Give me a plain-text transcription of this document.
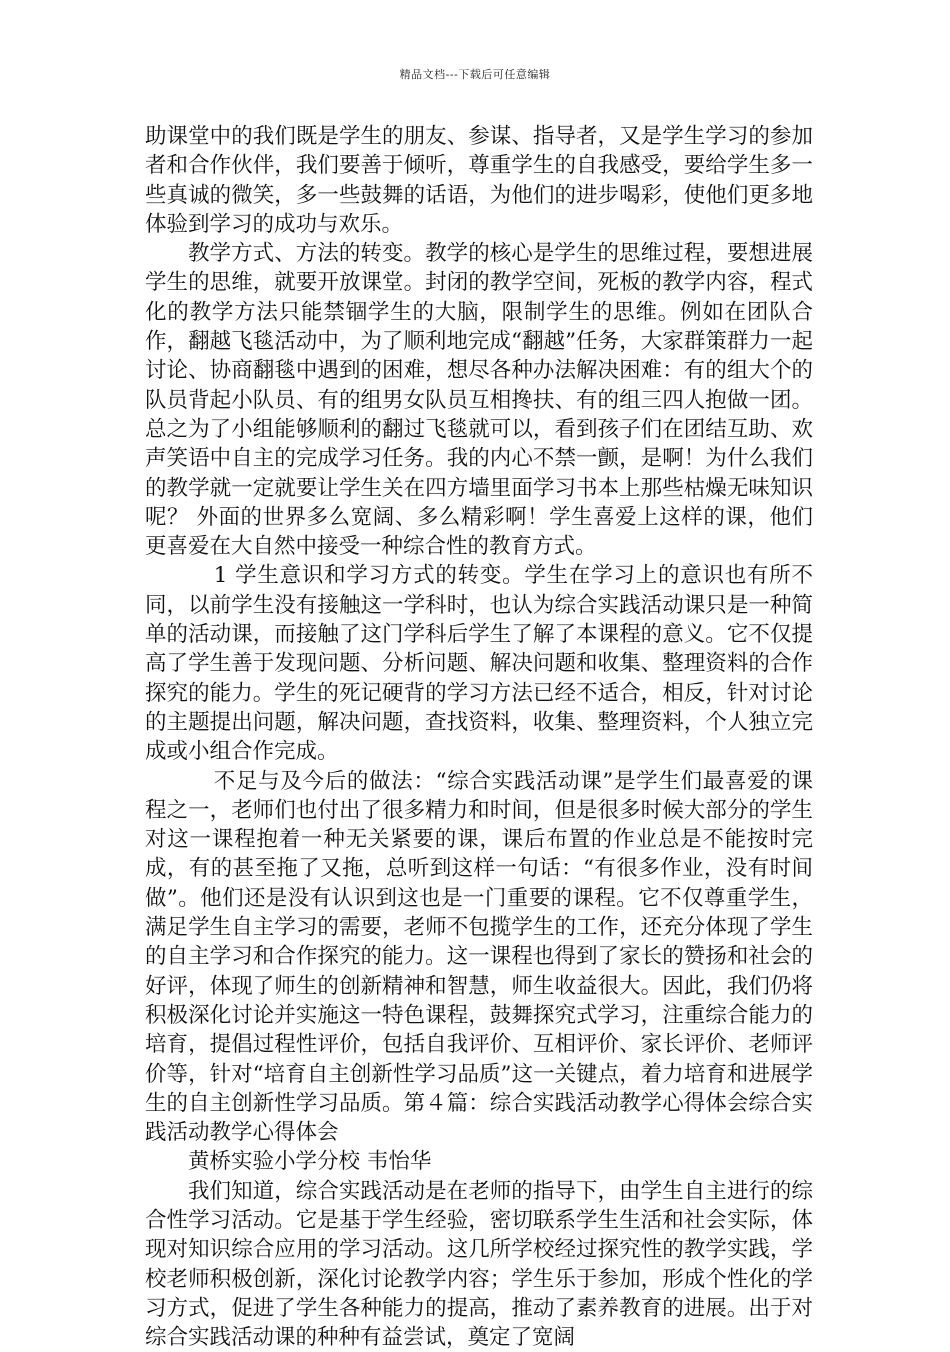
精品文档---下载后可任意编辑

助课堂中的我们既是学生的朋友、参谋、指导者，又是学生学习的参加者和合作伙伴，我们要善于倾听，尊重学生的自我感受，要给学生多一些真诚的微笑，多一些鼓舞的话语，为他们的进步喝彩，使他们更多地体验到学习的成功与欢乐。

教学方式、方法的转变。教学的核心是学生的思维过程，要想进展学生的思维，就要开放课堂。封闭的教学空间，死板的教学内容，程式化的教学方法只能禁锢学生的大脑，限制学生的思维。例如在团队合作，翻越飞毯活动中，为了顺利地完成“翻越”任务，大家群策群力一起讨论、协商翻毯中遇到的困难，想尽各种办法解决困难：有的组大个的队员背起小队员、有的组男女队员互相搀扶、有的组三四人抱做一团。总之为了小组能够顺利的翻过飞毯就可以，看到孩子们在团结互助、欢声笑语中自主的完成学习任务。我的内心不禁一颤，是啊！为什么我们的教学就一定就要让学生关在四方墙里面学习书本上那些枯燥无味知识呢？ 外面的世界多么宽阔、多么精彩啊！学生喜爱上这样的课，他们更喜爱在大自然中接受一种综合性的教育方式。

1 学生意识和学习方式的转变。学生在学习上的意识也有所不同，以前学生没有接触这一学科时，也认为综合实践活动课只是一种简单的活动课，而接触了这门学科后学生了解了本课程的意义。它不仅提高了学生善于发现问题、分析问题、解决问题和收集、整理资料的合作探究的能力。学生的死记硬背的学习方法已经不适合，相反，针对讨论的主题提出问题，解决问题，查找资料，收集、整理资料，个人独立完成或小组合作完成。

不足与及今后的做法：“综合实践活动课”是学生们最喜爱的课程之一，老师们也付出了很多精力和时间，但是很多时候大部分的学生对这一课程抱着一种无关紧要的课，课后布置的作业总是不能按时完成，有的甚至拖了又拖，总听到这样一句话：“有很多作业，没有时间做”。他们还是没有认识到这也是一门重要的课程。它不仅尊重学生，满足学生自主学习的需要，老师不包揽学生的工作，还充分体现了学生的自主学习和合作探究的能力。这一课程也得到了家长的赞扬和社会的好评，体现了师生的创新精神和智慧，师生收益很大。因此，我们仍将积极深化讨论并实施这一特色课程，鼓舞探究式学习，注重综合能力的培育，提倡过程性评价，包括自我评价、互相评价、家长评价、老师评价等，针对“培育自主创新性学习品质”这一关键点，着力培育和进展学生的自主创新性学习品质。第４篇：综合实践活动教学心得体会综合实践活动教学心得体会

黄桥实验小学分校 韦怡华

我们知道，综合实践活动是在老师的指导下，由学生自主进行的综合性学习活动。它是基于学生经验，密切联系学生生活和社会实际，体现对知识综合应用的学习活动。这几所学校经过探究性的教学实践，学校老师积极创新，深化讨论教学内容；学生乐于参加，形成个性化的学习方式，促进了学生各种能力的提高，推动了素养教育的进展。出于对综合实践活动课的种种有益尝试，奠定了宽阔
